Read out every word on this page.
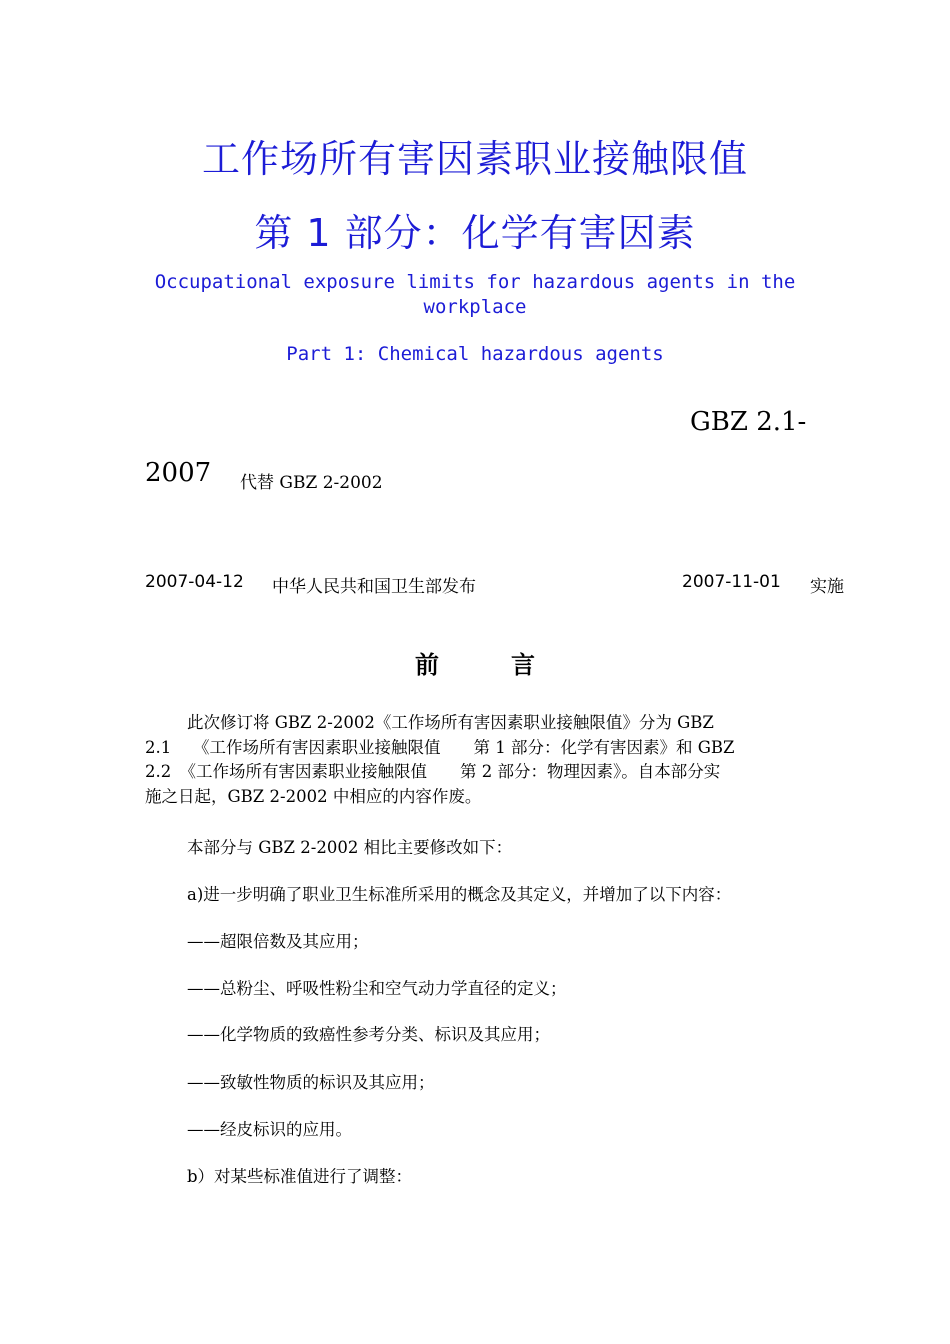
工作场所有害因素职业接触限值
第 1 部分：化学有害因素
Occupational exposure limits for hazardous agents in the workplace
Part 1: Chemical hazardous agents
GBZ 2.1-
2007 代替 GBZ 2-2002
2007-04-12 中华人民共和国卫生部发布	2007-11-01 实施
前　　　言
此次修订将 GBZ 2-2002《工作场所有害因素职业接触限值》分为 GBZ
2.1　 《工作场所有害因素职业接触限值　　第 1 部分：化学有害因素》和 GBZ
2.2　《工作场所有害因素职业接触限值　　第 2 部分：物理因素》。自本部分实
施之日起，GBZ 2-2002 中相应的内容作废。
本部分与 GBZ 2-2002 相比主要修改如下：
a)进一步明确了职业卫生标准所采用的概念及其定义，并增加了以下内容：
——超限倍数及其应用；
——总粉尘、呼吸性粉尘和空气动力学直径的定义；
——化学物质的致癌性参考分类、标识及其应用；
——致敏性物质的标识及其应用；
——经皮标识的应用。
b）对某些标准值进行了调整：
